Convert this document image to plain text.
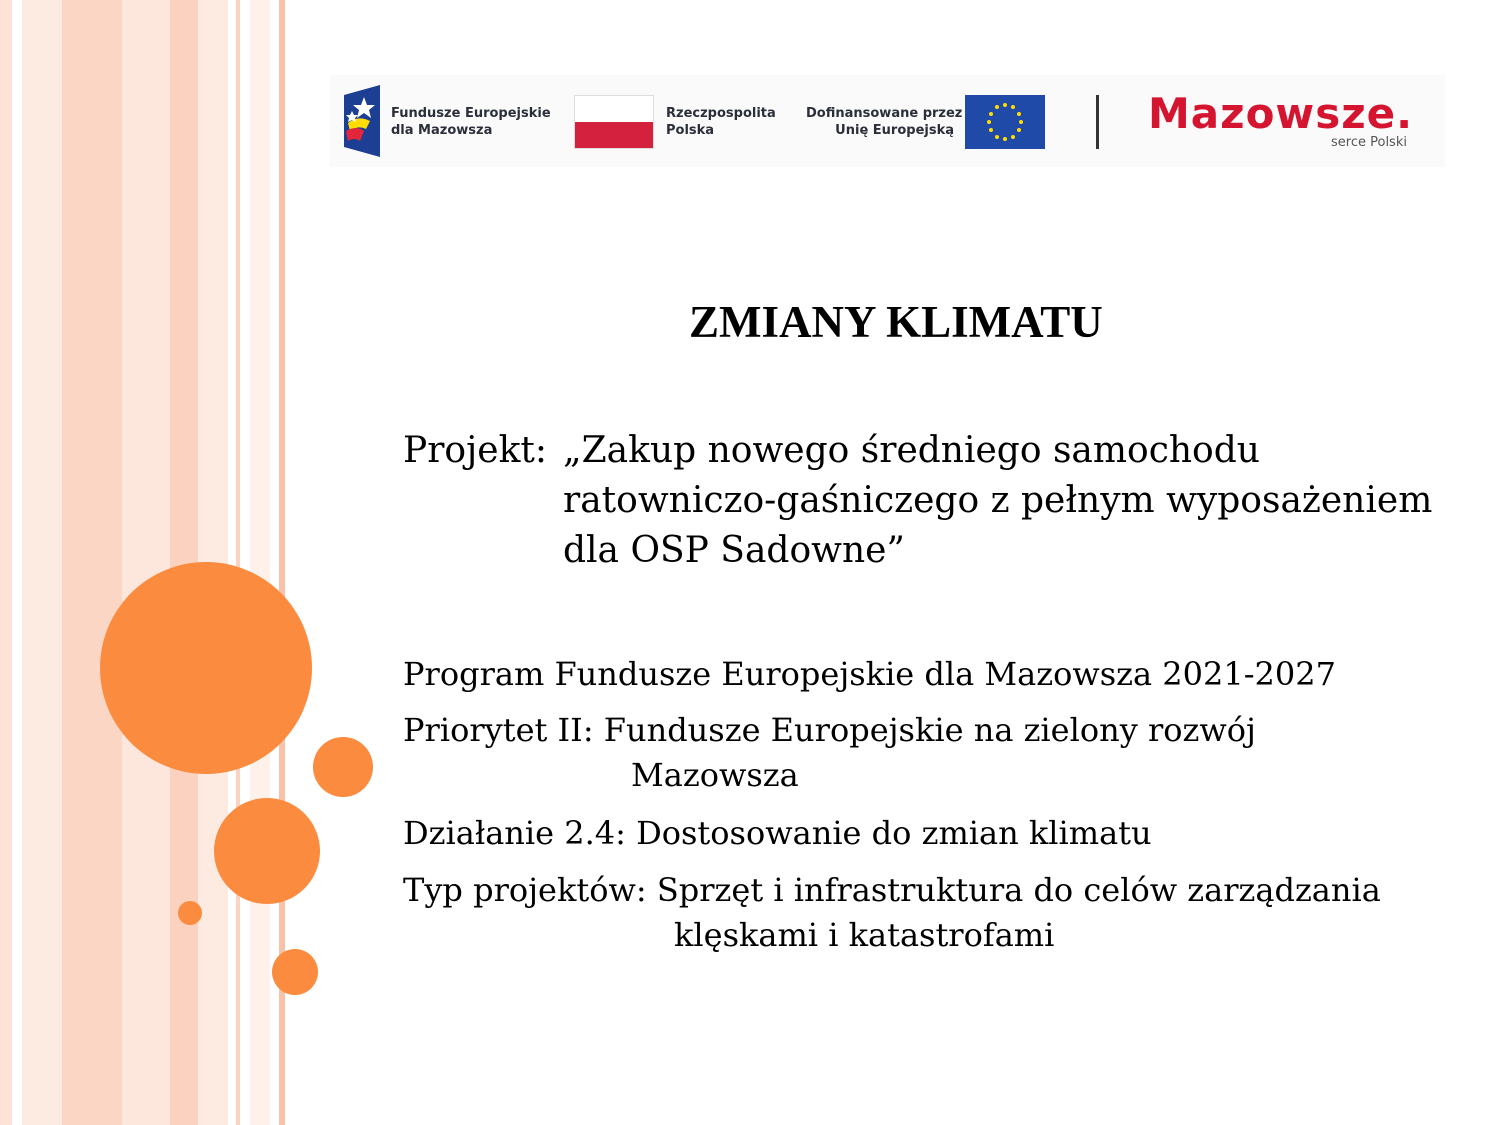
Fundusze Europejskie
dla Mazowsza
Rzeczpospolita
Polska
Dofinansowane przez
Unię Europejską	Mazowsze.
serce Polski
ZMIANY KLIMATU
Projekt: „Zakup nowego średniego samochodu
ratowniczo-gaśniczego z pełnym wyposażeniem
dla OSP Sadowne”
Program Fundusze Europejskie dla Mazowsza 2021-2027
Priorytet II: Fundusze Europejskie na zielony rozwój
Mazowsza
Działanie 2.4: Dostosowanie do zmian klimatu
Typ projektów: Sprzęt i infrastruktura do celów zarządzania
klęskami i katastrofami
